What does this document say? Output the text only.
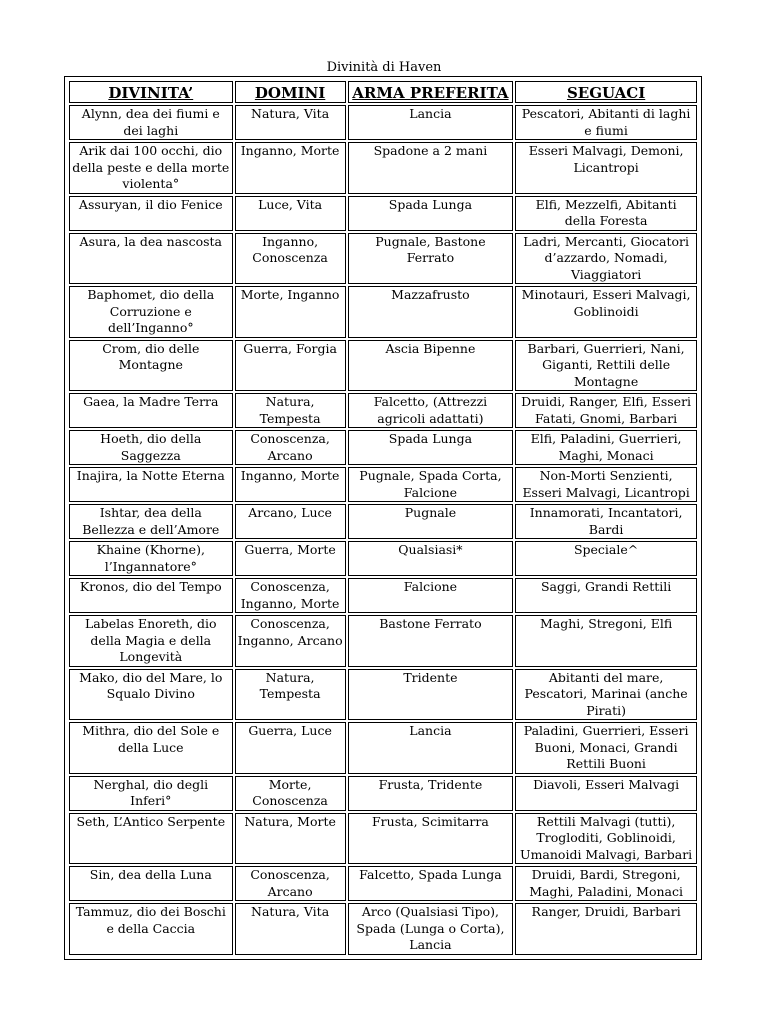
Divinità di Haven
DIVINITA’	DOMINI	ARMA PREFERITA	SEGUACI
Alynn, dea dei fiumi e dei laghi	Natura, Vita	Lancia	Pescatori, Abitanti di laghi e fiumi
Arik dai 100 occhi, dio della peste e della morte violenta°	Inganno, Morte	Spadone a 2 mani	Esseri Malvagi, Demoni, Licantropi
Assuryan, il dio Fenice	Luce, Vita	Spada Lunga	Elfi, Mezzelfi, Abitanti della Foresta
Asura, la dea nascosta	Inganno, Conoscenza	Pugnale, Bastone Ferrato	Ladri, Mercanti, Giocatori d’azzardo, Nomadi, Viaggiatori
Baphomet, dio della Corruzione e dell’Inganno°	Morte, Inganno	Mazzafrusto	Minotauri, Esseri Malvagi, Goblinoidi
Crom, dio delle Montagne	Guerra, Forgia	Ascia Bipenne	Barbari, Guerrieri, Nani, Giganti, Rettili delle Montagne
Gaea, la Madre Terra	Natura, Tempesta	Falcetto, (Attrezzi agricoli adattati)	Druidi, Ranger, Elfi, Esseri Fatati, Gnomi, Barbari
Hoeth, dio della Saggezza	Conoscenza, Arcano	Spada Lunga	Elfi, Paladini, Guerrieri, Maghi, Monaci
Inajira, la Notte Eterna	Inganno, Morte	Pugnale, Spada Corta, Falcione	Non-Morti Senzienti, Esseri Malvagi, Licantropi
Ishtar, dea della Bellezza e dell’Amore	Arcano, Luce	Pugnale	Innamorati, Incantatori, Bardi
Khaine (Khorne), l’Ingannatore°	Guerra, Morte	Qualsiasi*	Speciale^
Kronos, dio del Tempo	Conoscenza, Inganno, Morte	Falcione	Saggi, Grandi Rettili
Labelas Enoreth, dio della Magia e della Longevità	Conoscenza, Inganno, Arcano	Bastone Ferrato	Maghi, Stregoni, Elfi
Mako, dio del Mare, lo Squalo Divino	Natura, Tempesta	Tridente	Abitanti del mare, Pescatori, Marinai (anche Pirati)
Mithra, dio del Sole e della Luce	Guerra, Luce	Lancia	Paladini, Guerrieri, Esseri Buoni, Monaci, Grandi Rettili Buoni
Nerghal, dio degli Inferi°	Morte, Conoscenza	Frusta, Tridente	Diavoli, Esseri Malvagi
Seth, L’Antico Serpente	Natura, Morte	Frusta, Scimitarra	Rettili Malvagi (tutti), Trogloditi, Goblinoidi, Umanoidi Malvagi, Barbari
Sin, dea della Luna	Conoscenza, Arcano	Falcetto, Spada Lunga	Druidi, Bardi, Stregoni, Maghi, Paladini, Monaci
Tammuz, dio dei Boschi e della Caccia	Natura, Vita	Arco (Qualsiasi Tipo), Spada (Lunga o Corta), Lancia	Ranger, Druidi, Barbari
